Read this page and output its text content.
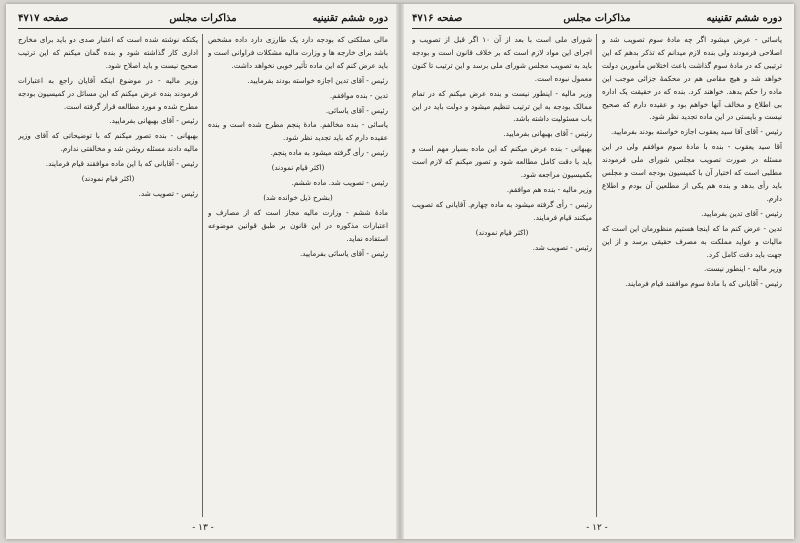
دوره ششم تقنینیه
مذاکرات مجلس
صفحه ۴۷۱۷

مالی مملکتی که بودجه دارد یک طارزی دارد داده مشخص باشد برای خارجه ها و وزارت مالیه مشکلات فراوانی است و باید عرض کنم که این ماده تأثیر خوبی نخواهد داشت.

رئیس - آقای تدین اجازه خواسته بودند بفرمایید.

تدین - بنده موافقم.

رئیس - آقای یاسائی.

یاسائی - بنده مخالفم. مادهٔ پنجم مطرح شده است و بنده عقیده دارم که باید تجدید نظر شود.

رئیس - رأی گرفته میشود به ماده پنجم.

(اکثر قیام نمودند)

رئیس - تصویب شد. ماده ششم.

(بشرح ذیل خوانده شد)

مادهٔ ششم - وزارت مالیه مجاز است که از مصارف و اعتبارات مذکوره در این قانون بر طبق قوانین موضوعه استفاده نماید.

رئیس - آقای یاسائی بفرمایید.

یکنکه نوشته شده است که اعتبار صدی دو باید برای مخارج اداری کار گذاشته شود و بنده گمان میکنم که این ترتیب صحیح نیست و باید اصلاح شود.

وزیر مالیه - در موضوع اینکه آقایان راجع به اعتبارات فرمودند بنده عرض میکنم که این مسائل در کمیسیون بودجه مطرح شده و مورد مطالعه قرار گرفته است.

رئیس - آقای بهبهانی بفرمایید.

بهبهانی - بنده تصور میکنم که با توضیحاتی که آقای وزیر مالیه دادند مسئله روشن شد و مخالفتی ندارم.

رئیس - آقایانی که با این ماده موافقند قیام فرمایند.

(اکثر قیام نمودند)

رئیس - تصویب شد.

- ۱۳ -
دوره ششم تقنینیه
مذاکرات مجلس
صفحه ۴۷۱۶

یاسائی - عرض میشود اگر چه مادهٔ سوم تصویب شد و اصلاحی فرمودند ولی بنده لازم میدانم که تذکر بدهم که این ترتیبی که در مادهٔ سوم گذاشت باعث اختلاس مأمورین دولت خواهد شد و هیچ مقامی هم در محکمهٔ جزائی موجب این ماده را حکم بدهد. خواهند کرد. بنده که در حقیقت یک اداره بی اطلاع و مخالف آنها خواهم بود و عقیده دارم که صحیح نیست و بایستی در این ماده تجدید نظر شود.

رئیس - آقای آقا سید یعقوب اجازه خواسته بودند بفرمایید.

آقا سید یعقوب - بنده با مادهٔ سوم موافقم ولی در این مسئله در صورت تصویب مجلس شورای ملی فرمودند مطلبی است که اختیار آن با کمیسیون بودجه است و مجلس باید رأی بدهد و بنده هم یکی از مطلعین آن بودم و اطلاع دارم.

رئیس - آقای تدین بفرمایید.

تدین - عرض کنم ما که اینجا هستیم منظورمان این است که مالیات و عواید مملکت به مصرف حقیقی برسد و از این جهت باید دقت کامل کرد.

وزیر مالیه - اینطور نیست.

رئیس - آقایانی که با مادهٔ سوم موافقند قیام فرمایند.

شورای ملی است با بعد از آن ۱۰ اگر قبل از تصویب و اجرای این مواد لازم است که بر خلاف قانون است و بودجه باید به تصویب مجلس شورای ملی برسد و این ترتیب تا کنون معمول نبوده است.

وزیر مالیه - اینطور نیست و بنده عرض میکنم که در تمام ممالک بودجه به این ترتیب تنظیم میشود و دولت باید در این باب مسئولیت داشته باشد.

رئیس - آقای بهبهانی بفرمایید.

بهبهانی - بنده عرض میکنم که این ماده بسیار مهم است و باید با دقت کامل مطالعه شود و تصور میکنم که لازم است بکمیسیون مراجعه شود.

وزیر مالیه - بنده هم موافقم.

رئیس - رأی گرفته میشود به ماده چهارم. آقایانی که تصویب میکنند قیام فرمایند.

(اکثر قیام نمودند)

رئیس - تصویب شد.

- ۱۲ -
